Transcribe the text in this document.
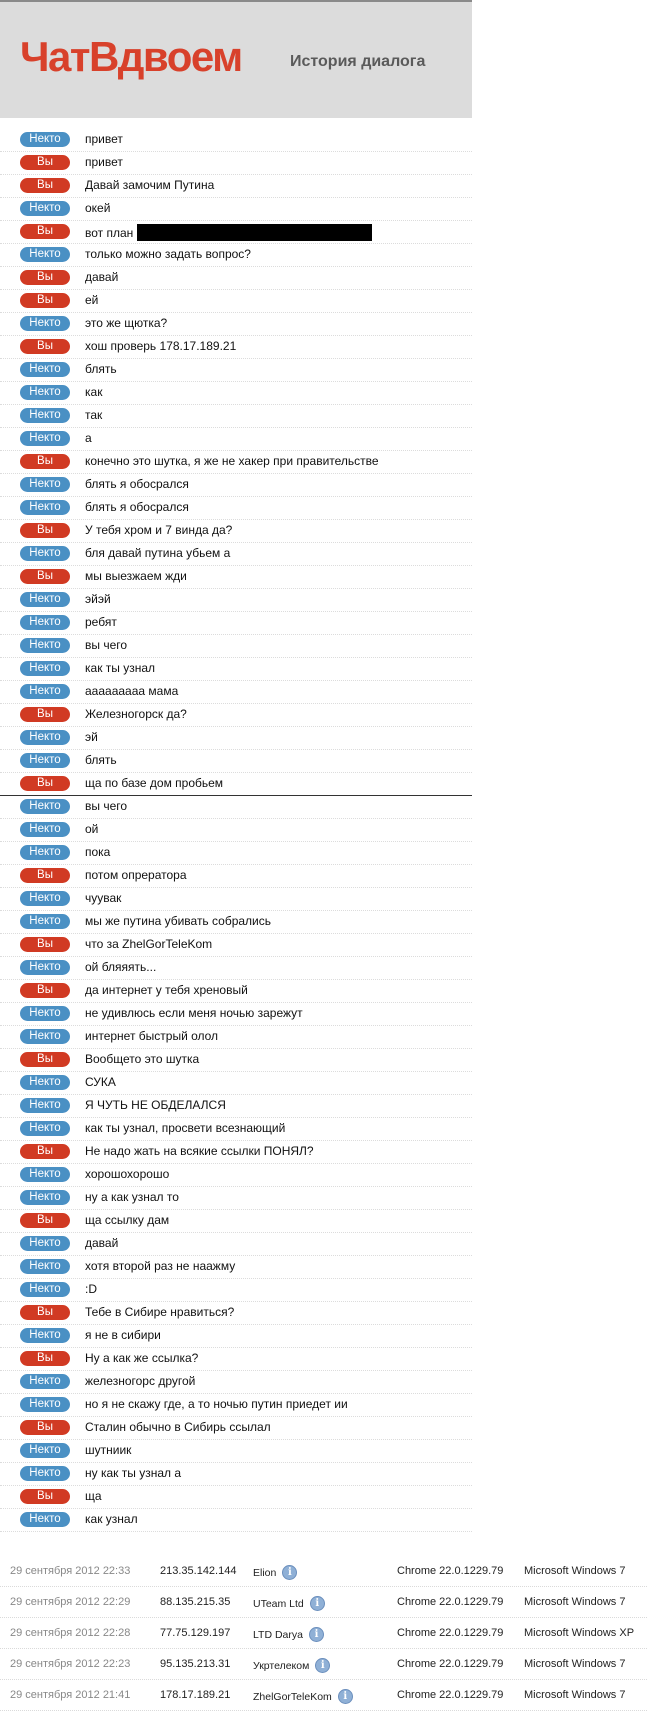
ЧатВдвоем	История диалога
Некто	привет
Вы	привет
Вы	Давай замочим Путина
Некто	окей
Вы	вот план
Некто	только можно задать вопрос?
Вы	давай
Вы	ей
Некто	это же щютка?
Вы	хош проверь 178.17.189.21
Некто	блять
Некто	как
Некто	так
Некто	а
Вы	конечно это шутка, я же не хакер при правительстве
Некто	блять я обосрался
Некто	блять я обосрался
Вы	У тебя хром и 7 винда да?
Некто	бля давай путина убьем а
Вы	мы выезжаем жди
Некто	эйэй
Некто	ребят
Некто	вы чего
Некто	как ты узнал
Некто	ааааааааа мама
Вы	Железногорск да?
Некто	эй
Некто	блять
Вы	ща по базе дом пробьем
Некто	вы чего
Некто	ой
Некто	пока
Вы	потом опрератора
Некто	чуувак
Некто	мы же путина убивать собрались
Вы	что за ZhelGorTeleKom
Некто	ой бляяять...
Вы	да интернет у тебя хреновый
Некто	не удивлюсь если меня ночью зарежут
Некто	интернет быстрый олол
Вы	Вообщето это шутка
Некто	СУКА
Некто	Я ЧУТЬ НЕ ОБДЕЛАЛСЯ
Некто	как ты узнал, просвети всезнающий
Вы	Не надо жать на всякие ссылки ПОНЯЛ?
Некто	хорошохорошо
Некто	ну а как узнал то
Вы	ща ссылку дам
Некто	давай
Некто	хотя второй раз не наажму
Некто	:D
Вы	Тебе в Сибире нравиться?
Некто	я не в сибири
Вы	Ну а как же ссылка?
Некто	железногорс другой
Некто	но я не скажу где, а то ночью путин приедет ии
Вы	Сталин обычно в Сибирь ссылал
Некто	шутниик
Некто	ну как ты узнал а
Вы	ща
Некто	как узнал
29 сентября 2012 22:33	213.35.142.144 Elion i	Chrome 22.0.1229.79 Microsoft Windows 7
29 сентября 2012 22:29	88.135.215.35 UTeam Ltd i	Chrome 22.0.1229.79 Microsoft Windows 7
29 сентября 2012 22:28	77.75.129.197 LTD Darya i	Chrome 22.0.1229.79 Microsoft Windows XP
29 сентября 2012 22:23	95.135.213.31 Укртелеком i	Chrome 22.0.1229.79 Microsoft Windows 7
29 сентября 2012 21:41	178.17.189.21 ZhelGorTeleKom i	Chrome 22.0.1229.79 Microsoft Windows 7
